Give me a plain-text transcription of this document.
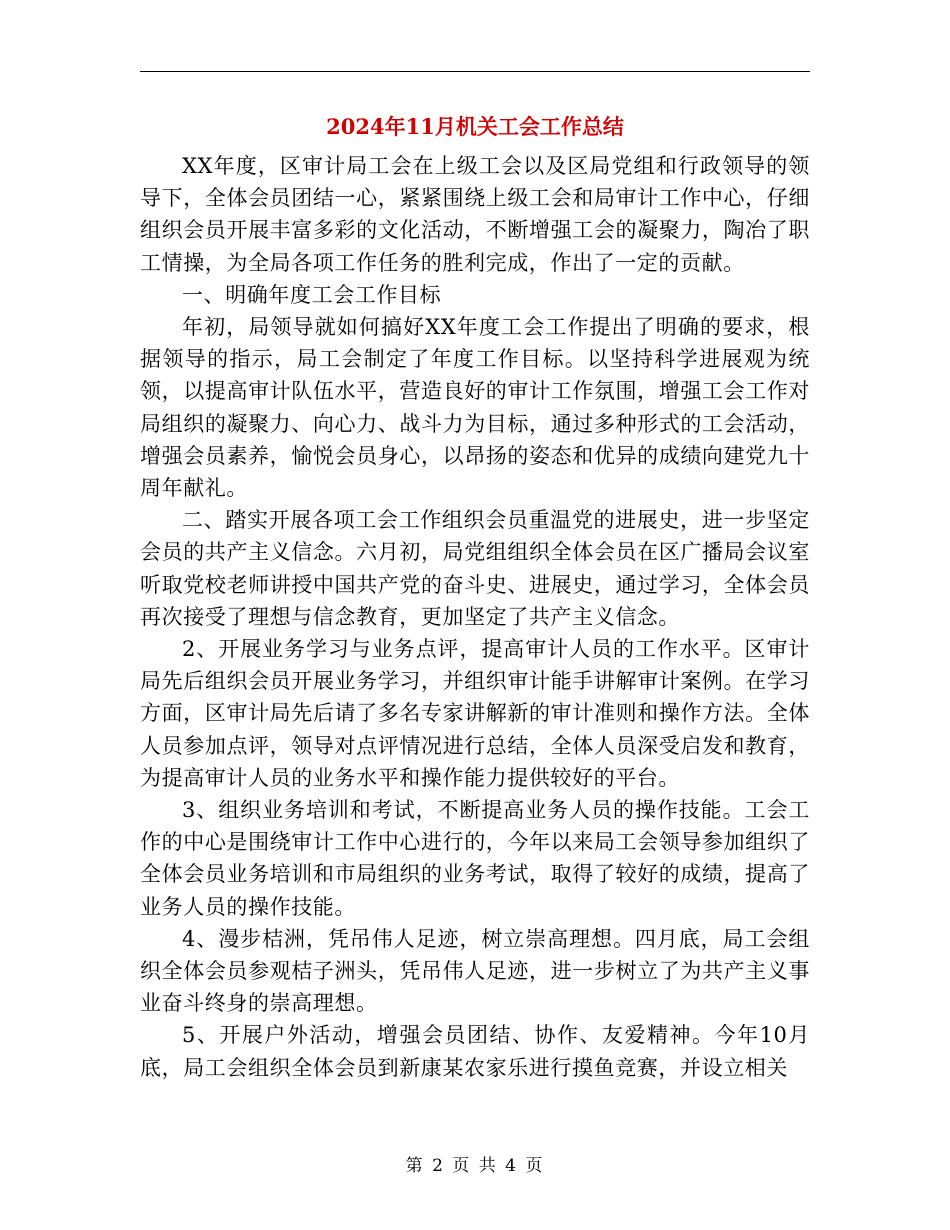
2024年11月机关工会工作总结

XX年度，区审计局工会在上级工会以及区局党组和行政领导的领导下，全体会员团结一心，紧紧围绕上级工会和局审计工作中心，仔细组织会员开展丰富多彩的文化活动，不断增强工会的凝聚力，陶冶了职工情操，为全局各项工作任务的胜利完成，作出了一定的贡献。

一、明确年度工会工作目标

年初，局领导就如何搞好XX年度工会工作提出了明确的要求，根据领导的指示，局工会制定了年度工作目标。以坚持科学进展观为统领，以提高审计队伍水平，营造良好的审计工作氛围，增强工会工作对局组织的凝聚力、向心力、战斗力为目标，通过多种形式的工会活动，增强会员素养，愉悦会员身心，以昂扬的姿态和优异的成绩向建党九十周年献礼。

二、踏实开展各项工会工作组织会员重温党的进展史，进一步坚定会员的共产主义信念。六月初，局党组组织全体会员在区广播局会议室听取党校老师讲授中国共产党的奋斗史、进展史，通过学习，全体会员再次接受了理想与信念教育，更加坚定了共产主义信念。

2、开展业务学习与业务点评，提高审计人员的工作水平。区审计局先后组织会员开展业务学习，并组织审计能手讲解审计案例。在学习方面，区审计局先后请了多名专家讲解新的审计准则和操作方法。全体人员参加点评，领导对点评情况进行总结，全体人员深受启发和教育，为提高审计人员的业务水平和操作能力提供较好的平台。

3、组织业务培训和考试，不断提高业务人员的操作技能。工会工作的中心是围绕审计工作中心进行的，今年以来局工会领导参加组织了全体会员业务培训和市局组织的业务考试，取得了较好的成绩，提高了业务人员的操作技能。

4、漫步桔洲，凭吊伟人足迹，树立崇高理想。四月底，局工会组织全体会员参观桔子洲头，凭吊伟人足迹，进一步树立了为共产主义事业奋斗终身的崇高理想。

5、开展户外活动，增强会员团结、协作、友爱精神。今年10月底，局工会组织全体会员到新康某农家乐进行摸鱼竞赛，并设立相关

第 2 页 共 4 页
